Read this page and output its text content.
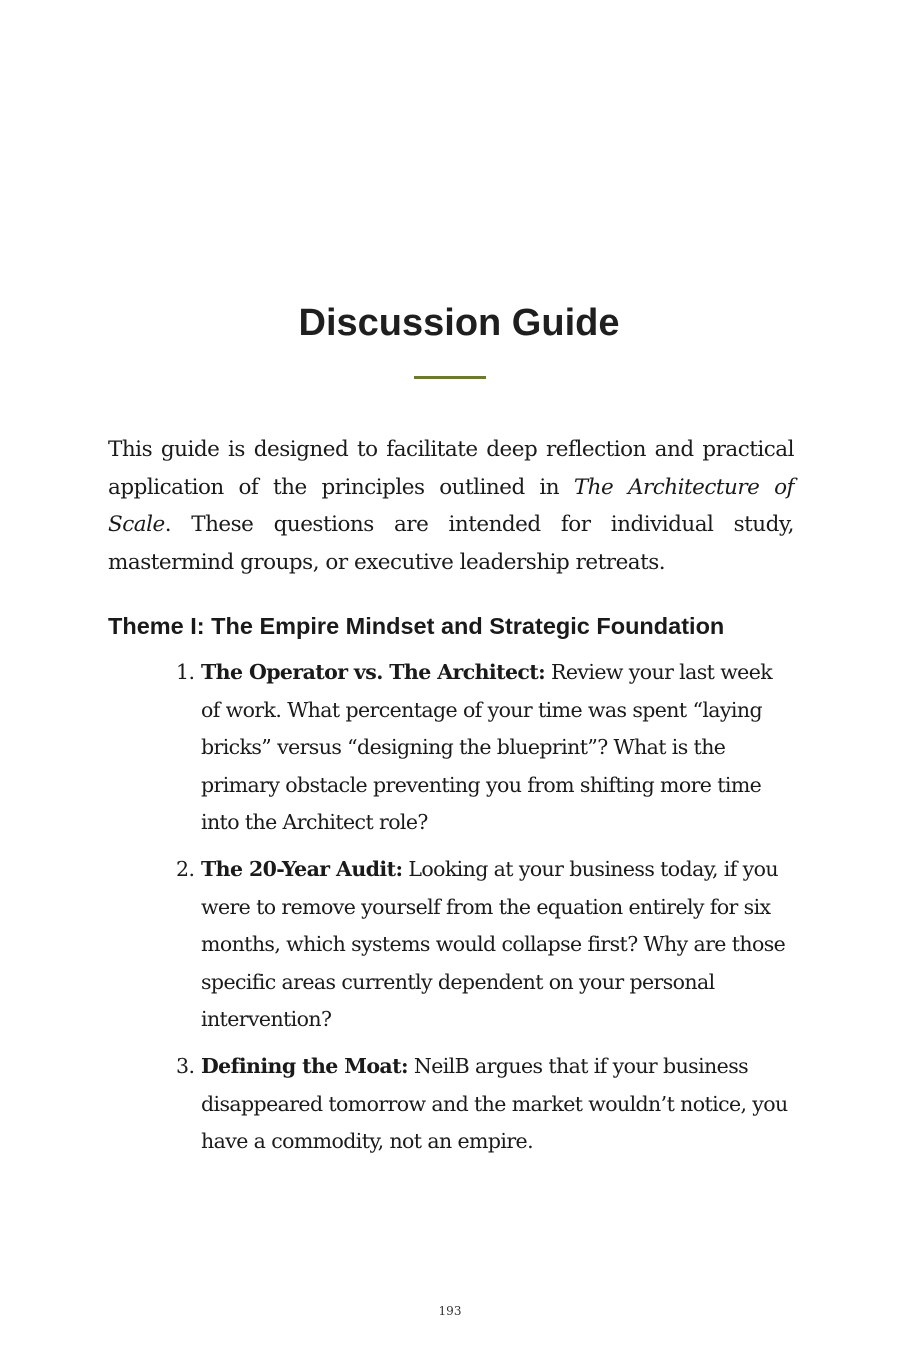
Discussion Guide

This guide is designed to facilitate deep reflection and practical application of the principles outlined in The Architecture of Scale. These questions are intended for individual study, mastermind groups, or executive leadership retreats.

Theme I: The Empire Mindset and Strategic Foundation
1. The Operator vs. The Architect: Review your last week of work. What percentage of your time was spent “laying bricks” versus “designing the blueprint”? What is the primary obstacle preventing you from shifting more time into the Architect role?
2. The 20-Year Audit: Looking at your business today, if you were to remove yourself from the equation entirely for six months, which systems would collapse first? Why are those specific areas currently dependent on your personal intervention?
3. Defining the Moat: NeilB argues that if your business disappeared tomorrow and the market wouldn’t notice, you have a commodity, not an empire.
193
